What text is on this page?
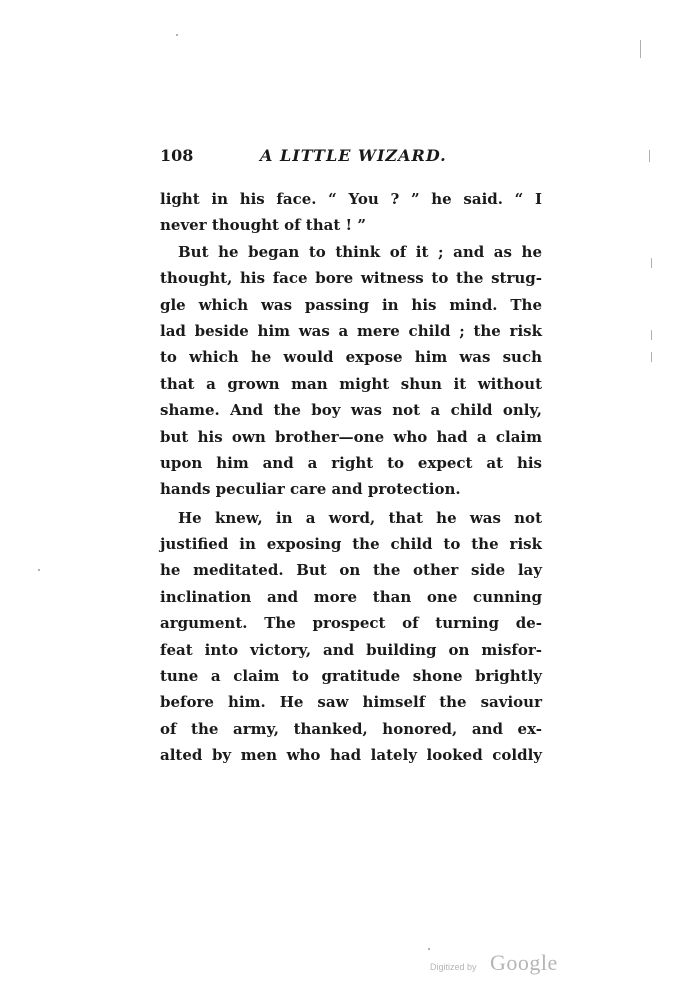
108	A LITTLE WIZARD.
light in his face. “ You ? ” he said. “ I
never thought of that ! ”
But he began to think of it ; and as he
thought, his face bore witness to the strug-
gle which was passing in his mind. The
lad beside him was a mere child ; the risk
to which he would expose him was such
that a grown man might shun it without
shame. And the boy was not a child only,
but his own brother—one who had a claim
upon him and a right to expect at his
hands peculiar care and protection.
He knew, in a word, that he was not
justified in exposing the child to the risk
he meditated. But on the other side lay
inclination and more than one cunning
argument. The prospect of turning de-
feat into victory, and building on misfor-
tune a claim to gratitude shone brightly
before him. He saw himself the saviour
of the army, thanked, honored, and ex-
alted by men who had lately looked coldly
Digitized by Google
